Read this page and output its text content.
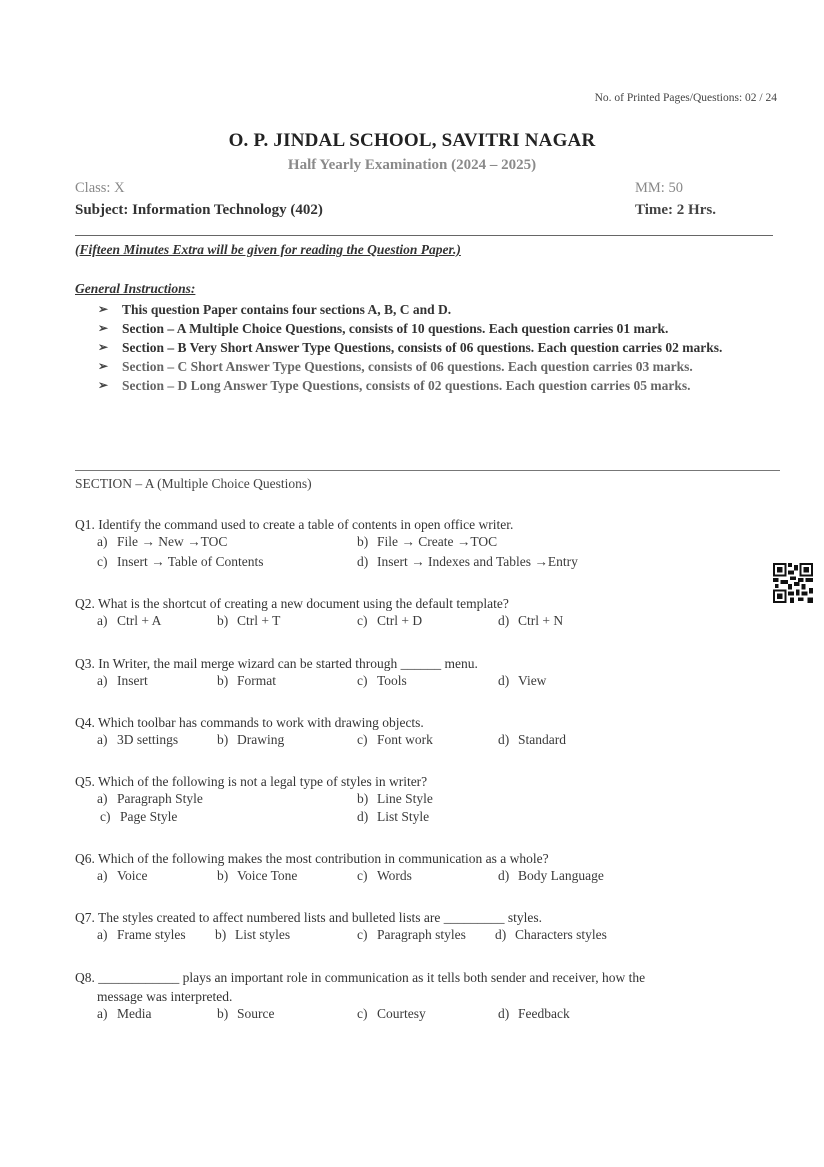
No. of Printed Pages/Questions: 02 / 24
O. P. JINDAL SCHOOL, SAVITRI NAGAR
Half Yearly Examination (2024 – 2025)
Class: X	MM: 50
Subject: Information Technology (402)	Time: 2 Hrs.
(Fifteen Minutes Extra will be given for reading the Question Paper.)
General Instructions:
➢	This question Paper contains four sections A, B, C and D.
➢	Section – A Multiple Choice Questions, consists of 10 questions. Each question carries 01 mark.
➢	Section – B Very Short Answer Type Questions, consists of 06 questions. Each question carries 02 marks.
➢	Section – C Short Answer Type Questions, consists of 06 questions. Each question carries 03 marks.
➢	Section – D Long Answer Type Questions, consists of 02 questions. Each question carries 05 marks.
SECTION – A (Multiple Choice Questions)
Q1. Identify the command used to create a table of contents in open office writer.
a) File → New →TOC	b) File → Create →TOC
c) Insert → Table of Contents	d) Insert → Indexes and Tables →Entry
Q2. What is the shortcut of creating a new document using the default template?
a) Ctrl + A	b) Ctrl + T	c) Ctrl + D	d) Ctrl + N
Q3. In Writer, the mail merge wizard can be started through ______ menu.
a) Insert	b) Format	c) Tools	d) View
Q4. Which toolbar has commands to work with drawing objects.
a) 3D settings	b) Drawing	c) Font work	d) Standard
Q5. Which of the following is not a legal type of styles in writer?
a) Paragraph Style	b) Line Style
c) Page Style	d) List Style
Q6. Which of the following makes the most contribution in communication as a whole?
a) Voice	b) Voice Tone	c) Words	d) Body Language
Q7. The styles created to affect numbered lists and bulleted lists are _________ styles.
a) Frame styles b) List styles	c) Paragraph styles d) Characters styles
Q8. ____________ plays an important role in communication as it tells both sender and receiver, how the
message was interpreted.
a) Media	b) Source	c) Courtesy	d) Feedback
